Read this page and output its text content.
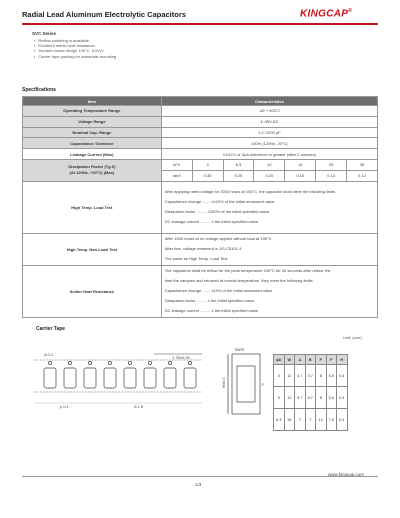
Radial Lead Aluminum Electrolytic Capacitors	KINGCAP®
SVC Series
▪ Reflow soldering is available.
▪ Excellent reflow heat resistance.
▪ Surface mount design 105°C, 5.5V/V
▪ Carrier tape packing for automatic mounting
Specifications
Item	Characteristics						
Operating Temperature Range	-40~+105°C						
Voltage Range	4~35V.DC						
Nominal Cap. Range	1.0~2200 μF						
Capacitance Tolerance	±20% (120Hz, 20°C)						
Leakage Current (Max)	0.01CV or 3μA whichever is greater (after 2 minutes)						

Dissipation Factor (Tg.δ)
(At 120Hz, +20°C) (Max)	W.V	4	6.3	10	16	25	35
	tanδ	0.35	0.26	0.20	0.16	0.14	0.12
High Temp. Load Test	After applying rated voltage for 2000 hours at 105°C, the capacitor shall meet the following limits
Capacitance change ....... ≤±20% of the initial measured value
Dissipation factor ......... ≤200% of the initial specified value
DC leakage current ......... ≤ the initial specified value						

High Temp. Non-Load Test	After 1000 hours at no voltage applied without load at 105°C
After test, voltage treatment is JIS-C5101-4
The same as High Temp. Load Test						

Solder Heat Resistance	The capacitors shall be reflow for the peak temperature 230°C for 40 seconds after reflow, the
time the samples and returned at normal temperature, they meet the following limits.
Capacitance change ....... ±10% of the initial measured value
Dissipation factor ......... ≤ the initial specified value
DC leakage current ......... ≤ the initial specified value						
Carrier Tape
Unit: (mm)
A 0.1
1.75±0.05
p 0.1	A 1.5
TAPE
W±0.3	F
φD	W	A	B	P	F	H
4	12	4.7	4.7	8	5.5	0.4
5	12	5.7	5.7	8	5.5	0.4
6.3	16	7	7	12	7.5	0.4
www.kingcap.com
1/3
